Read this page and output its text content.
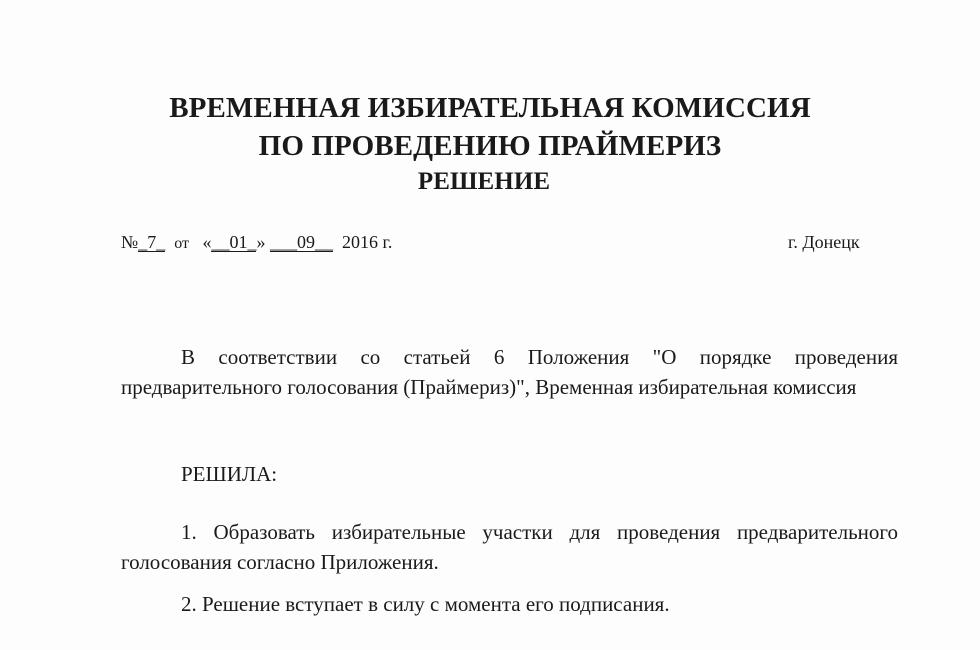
ВРЕМЕННАЯ ИЗБИРАТЕЛЬНАЯ КОМИССИЯ
ПО ПРОВЕДЕНИЮ ПРАЙМЕРИЗ
РЕШЕНИЕ
№_7_ от «__01_» ___09__ 2016 г.	г. Донецк
В соответствии со статьей 6 Положения "О порядке проведения предварительного голосования (Праймериз)", Временная избирательная комиссия
РЕШИЛА:
1. Образовать избирательные участки для проведения предварительного голосования согласно Приложения.
2. Решение вступает в силу с момента его подписания.
